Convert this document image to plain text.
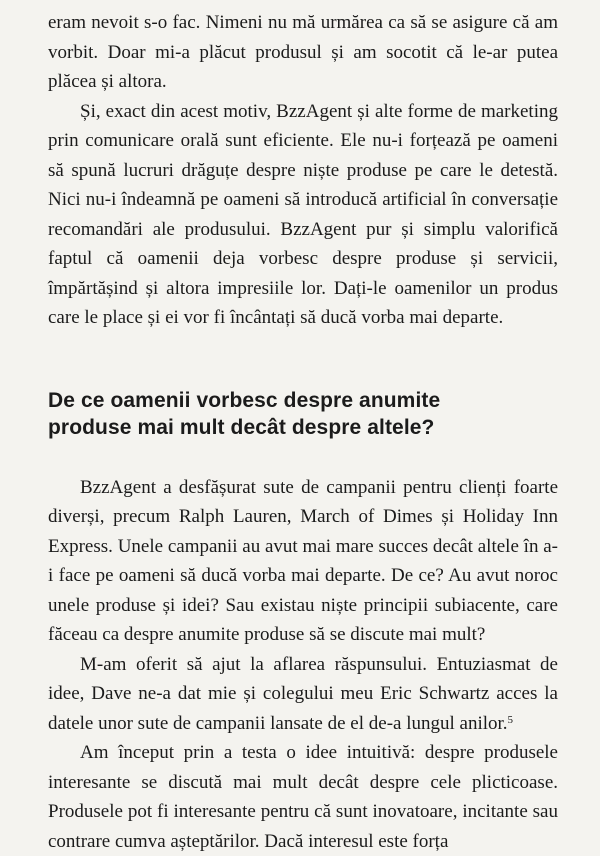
eram nevoit s-o fac. Nimeni nu mă urmărea ca să se asigure că am vorbit. Doar mi-a plăcut produsul și am socotit că le-ar putea plăcea și altora.

Și, exact din acest motiv, BzzAgent și alte forme de marketing prin comunicare orală sunt eficiente. Ele nu-i forțează pe oameni să spună lucruri drăguțe despre niște produse pe care le detestă. Nici nu-i îndeamnă pe oameni să introducă artificial în conversație recomandări ale produsului. BzzAgent pur și simplu valorifică faptul că oamenii deja vorbesc despre produse și servicii, împărtășind și altora impresiile lor. Dați-le oamenilor un produs care le place și ei vor fi încântați să ducă vorba mai departe.

De ce oamenii vorbesc despre anumite
produse mai mult decât despre altele?

BzzAgent a desfășurat sute de campanii pentru clienți foarte diverși, precum Ralph Lauren, March of Dimes și Holiday Inn Express. Unele campanii au avut mai mare succes decât altele în a-i face pe oameni să ducă vorba mai departe. De ce? Au avut noroc unele produse și idei? Sau existau niște principii subiacente, care făceau ca despre anumite produse să se discute mai mult?

M-am oferit să ajut la aflarea răspunsului. Entuziasmat de idee, Dave ne-a dat mie și colegului meu Eric Schwartz acces la datele unor sute de campanii lansate de el de-a lungul anilor.$^5$

Am început prin a testa o idee intuitivă: despre produsele interesante se discută mai mult decât despre cele plicticoase. Produsele pot fi interesante pentru că sunt inovatoare, incitante sau contrare cumva așteptărilor. Dacă interesul este forța
